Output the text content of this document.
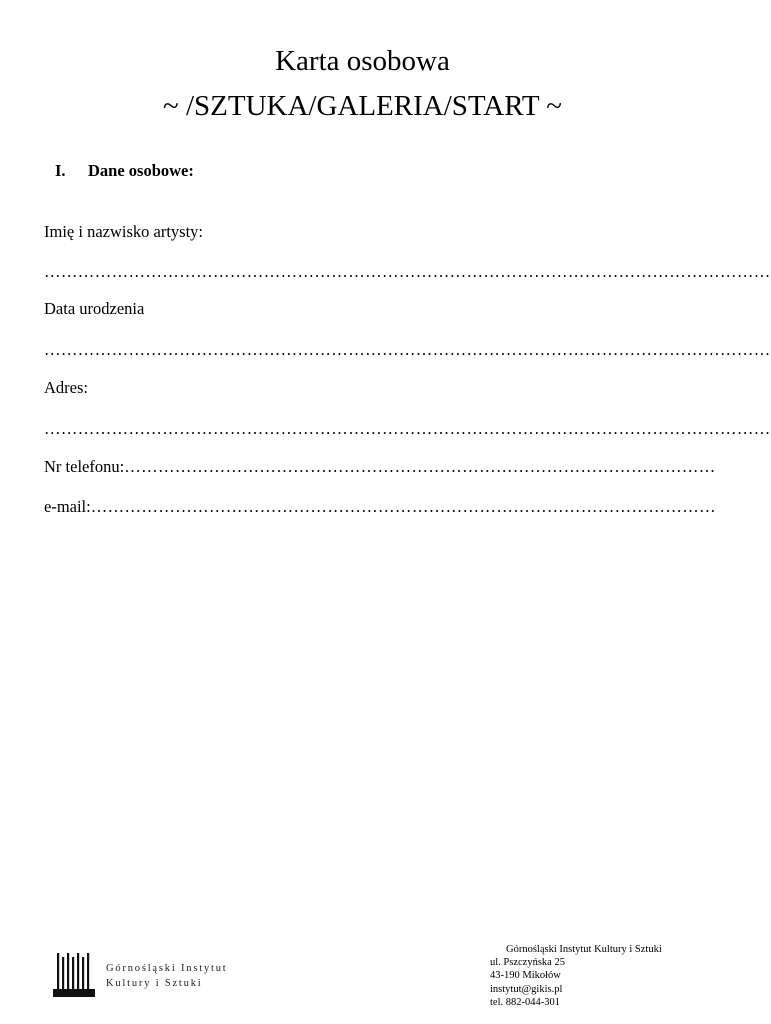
Karta osobowa
~ /SZTUKA/GALERIA/START ~
I. Dane osobowe:
Imię i nazwisko artysty:
…………………………………………………………………………………………………………………
Data urodzenia
…………………………………………………………………………………………………………………
Adres:
…………………………………………………………………………………………………………………
Nr telefonu:……………………………………………………………………………………………
e-mail:…………………………………………………………………………………………………
Górnośląski Instytut
Kultury i Sztuki
Górnośląski Instytut Kultury i Sztuki
ul. Pszczyńska 25
43-190 Mikołów
instytut@gikis.pl
tel. 882-044-301
